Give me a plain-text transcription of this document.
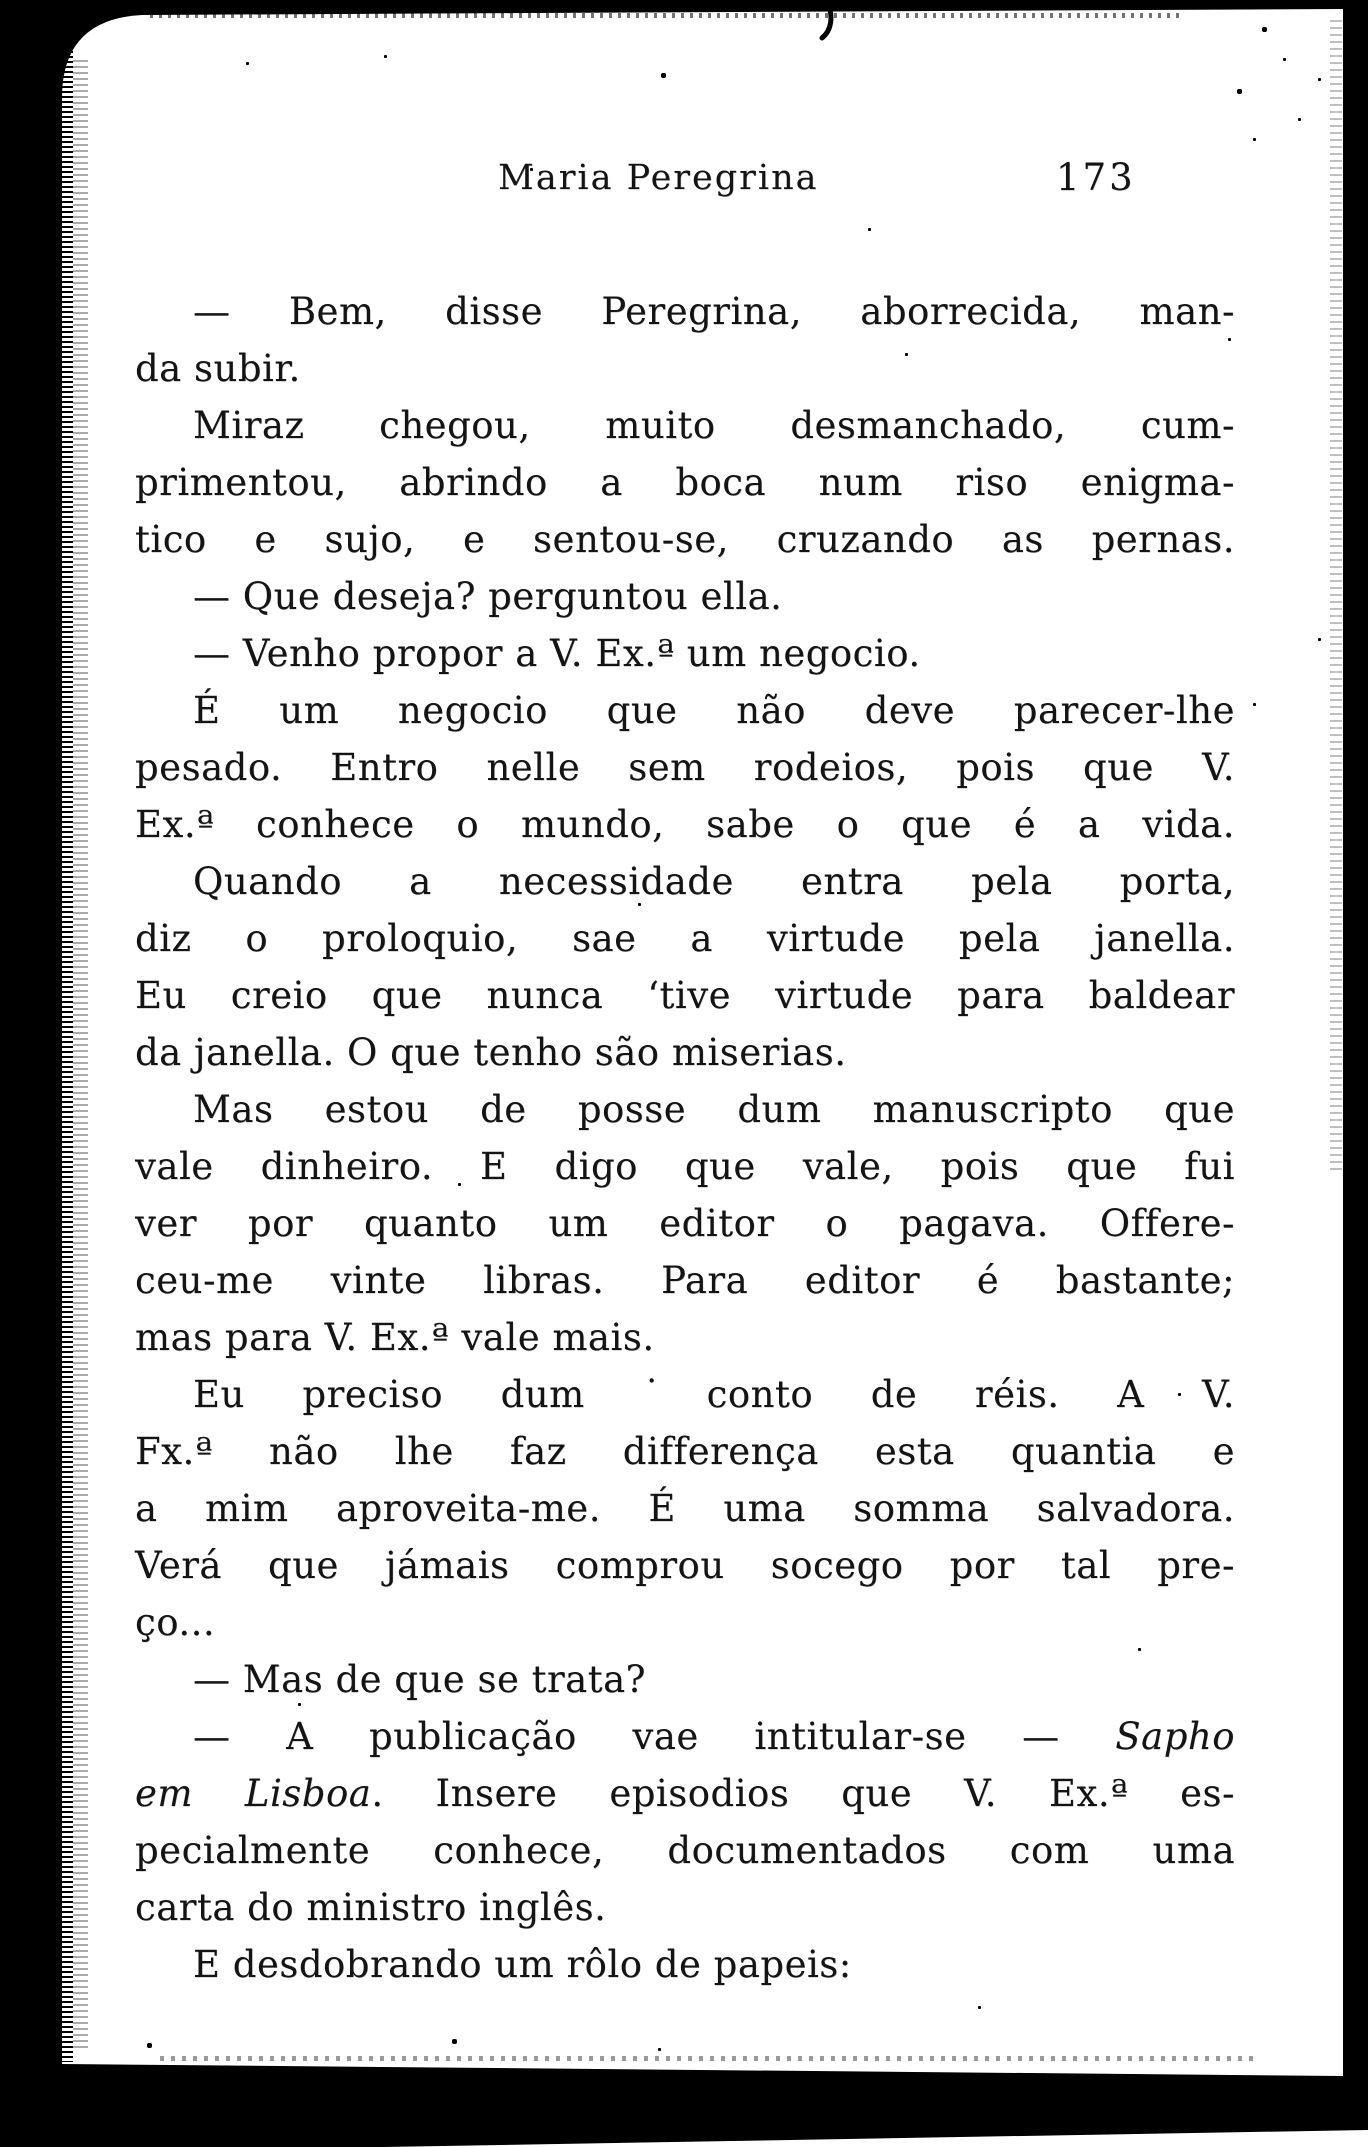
Maria Peregrina	173
— Bem, disse Peregrina, aborrecida, man-
da subir.
Miraz chegou, muito desmanchado, cum-
primentou, abrindo a boca num riso enigma-
tico e sujo, e sentou-se, cruzando as pernas.
— Que deseja? perguntou ella.
— Venho propor a V. Ex.ª um negocio.
É um negocio que não deve parecer-lhe
pesado. Entro nelle sem rodeios, pois que V.
Ex.ª conhece o mundo, sabe o que é a vida.
Quando a necessidade entra pela porta,
diz o proloquio, sae a virtude pela janella.
Eu creio que nunca ʻtive virtude para baldear
da janella. O que tenho são miserias.
Mas estou de posse dum manuscripto que
vale dinheiro. E digo que vale, pois que fui
ver por quanto um editor o pagava. Offere-
ceu-me vinte libras. Para editor é bastante;
mas para V. Ex.ª vale mais.
Eu preciso dum ˙conto de réis. A V.
Fx.ª não lhe faz differença esta quantia e
a mim aproveita-me. É uma somma salvadora.
Verá que jámais comprou socego por tal pre-
ço...
— Mas de que se trata?
— A publicação vae intitular-se — Sapho
em Lisboa. Insere episodios que V. Ex.ª es-
pecialmente conhece, documentados com uma
carta do ministro inglês.
E desdobrando um rôlo de papeis:
